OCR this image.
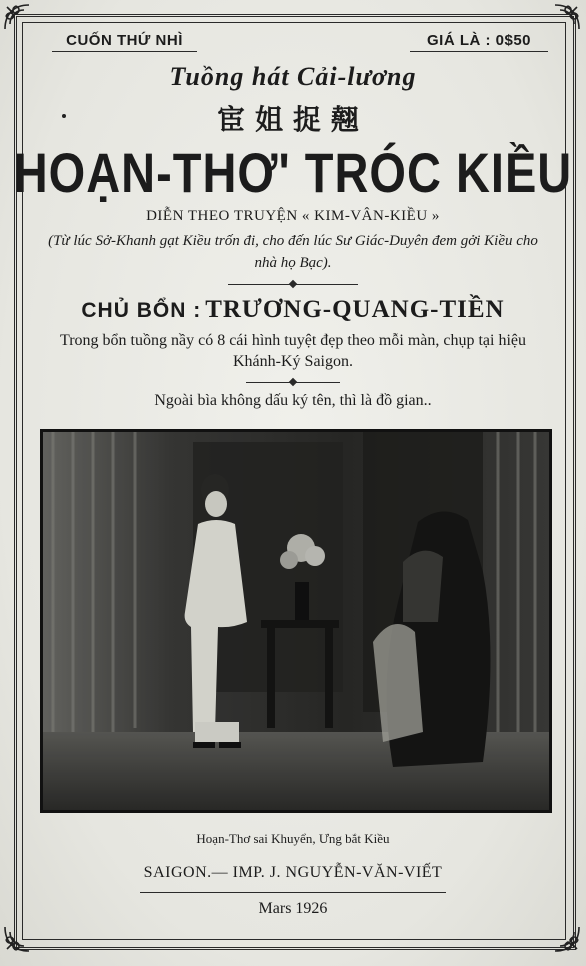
CUỐN THỨ NHÌ	GIÁ LÀ : 0$50
Tuồng hát Cải-lương
宦姐捉翹
HOẠN-THƠ' TRÓC KIỀU
DIỄN THEO TRUYỆN « KIM-VÂN-KIỀU »
(Từ lúc Sở-Khanh gạt Kiều trốn đi, cho đến lúc Sư Giác-Duyên đem gởi Kiều cho nhà họ Bạc).
CHỦ BỔN : TRƯƠNG-QUANG-TIỀN
Trong bổn tuồng nầy có 8 cái hình tuyệt đẹp theo mỗi màn, chụp tại hiệu Khánh-Ký Saigon.
Ngoài bìa không dấu ký tên, thì là đồ gian..
Hoạn-Thơ sai Khuyển, Ưng bắt Kiều
SAIGON.— IMP. J. NGUYỄN-VĂN-VIẾT
Mars 1926
